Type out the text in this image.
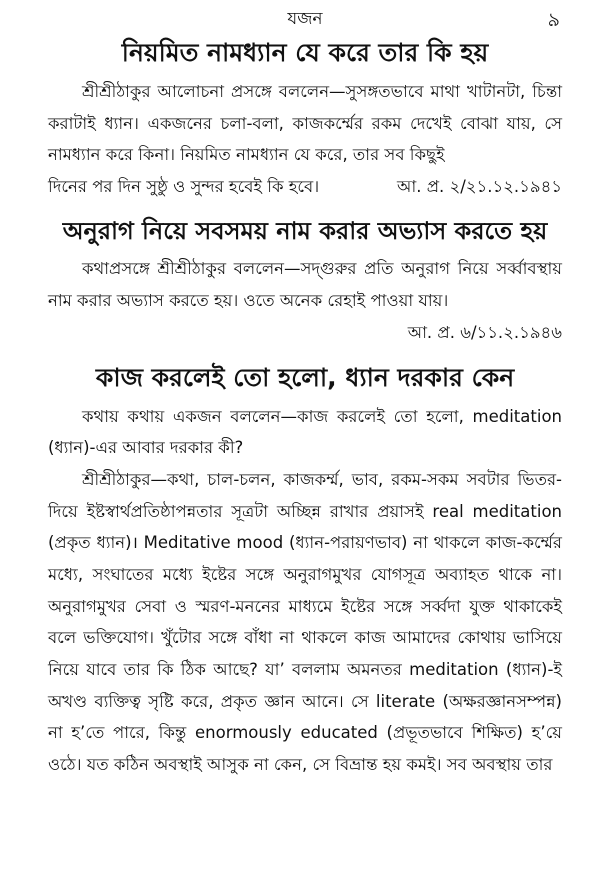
যজন	৯
নিয়মিত নামধ্যান যে করে তার কি হয়

শ্রীশ্রীঠাকুর আলোচনা প্রসঙ্গে বললেন—সুসঙ্গতভাবে মাথা খাটানটা, চিন্তা করাটাই ধ্যান। একজনের চলা-বলা, কাজকর্ম্মের রকম দেখেই বোঝা যায়, সে নামধ্যান করে কিনা। নিয়মিত নামধ্যান যে করে, তার সব কিছুই

দিনের পর দিন সুষ্ঠু ও সুন্দর হবেই কি হবে।	আ. প্র. ২/২১.১২.১৯৪১

অনুরাগ নিয়ে সবসময় নাম করার অভ্যাস করতে হয়

কথাপ্রসঙ্গে শ্রীশ্রীঠাকুর বললেন—সদ্‌গুরুর প্রতি অনুরাগ নিয়ে সর্ব্বাবস্থায় নাম করার অভ্যাস করতে হয়। ওতে অনেক রেহাই পাওয়া যায়।

আ. প্র. ৬/১১.২.১৯৪৬

কাজ করলেই তো হলো, ধ্যান দরকার কেন

কথায় কথায় একজন বললেন—কাজ করলেই তো হলো, meditation (ধ্যান)-এর আবার দরকার কী?

শ্রীশ্রীঠাকুর—কথা, চাল-চলন, কাজকর্ম্ম, ভাব, রকম-সকম সবটার ভিতর-দিয়ে ইষ্টস্বার্থপ্রতিষ্ঠাপন্নতার সূত্রটা অচ্ছিন্ন রাখার প্রয়াসই real meditation (প্রকৃত ধ্যান)। Meditative mood (ধ্যান-পরায়ণভাব) না থাকলে কাজ-কর্ম্মের মধ্যে, সংঘাতের মধ্যে ইষ্টের সঙ্গে অনুরাগমুখর যোগসূত্র অব্যাহত থাকে না। অনুরাগমুখর সেবা ও স্মরণ-মননের মাধ্যমে ইষ্টের সঙ্গে সর্ব্বদা যুক্ত থাকাকেই বলে ভক্তিযোগ। খুঁটোর সঙ্গে বাঁধা না থাকলে কাজ আমাদের কোথায় ভাসিয়ে নিয়ে যাবে তার কি ঠিক আছে? যা’ বললাম অমনতর meditation (ধ্যান)-ই অখণ্ড ব্যক্তিত্ব সৃষ্টি করে, প্রকৃত জ্ঞান আনে। সে literate (অক্ষরজ্ঞানসম্পন্ন) না হ’তে পারে, কিন্তু enormously educated (প্রভূতভাবে শিক্ষিত) হ’য়ে ওঠে। যত কঠিন অবস্থাই আসুক না কেন, সে বিভ্রান্ত হয় কমই। সব অবস্থায় তার
